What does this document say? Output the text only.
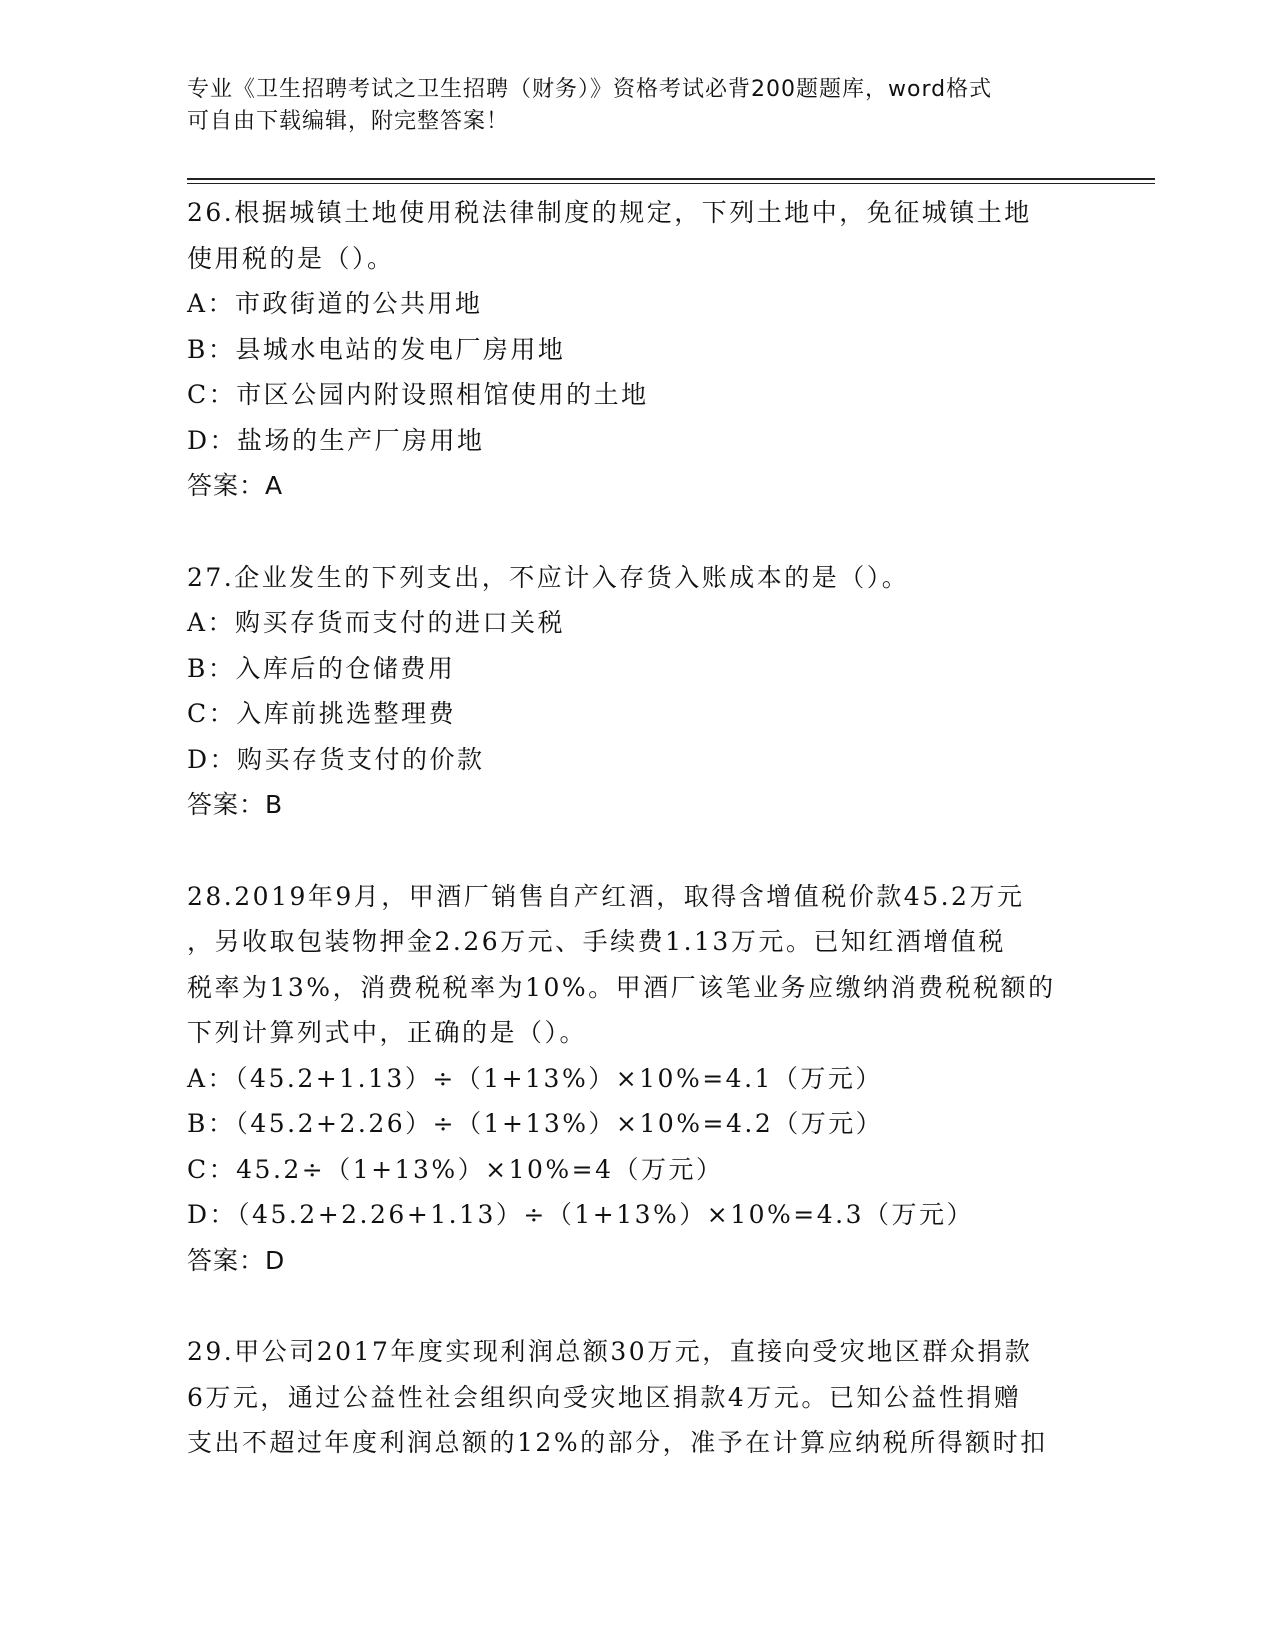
专业《卫生招聘考试之卫生招聘（财务）》资格考试必背200题题库，word格式
可自由下载编辑，附完整答案！
26.根据城镇土地使用税法律制度的规定，下列土地中，免征城镇土地
使用税的是（）。
A：市政街道的公共用地
B：县城水电站的发电厂房用地
C：市区公园内附设照相馆使用的土地
D：盐场的生产厂房用地
答案：A
27.企业发生的下列支出，不应计入存货入账成本的是（）。
A：购买存货而支付的进口关税
B：入库后的仓储费用
C：入库前挑选整理费
D：购买存货支付的价款
答案：B
28.2019年9月，甲酒厂销售自产红酒，取得含增值税价款45.2万元
，另收取包装物押金2.26万元、手续费1.13万元。已知红酒增值税
税率为13%，消费税税率为10%。甲酒厂该笔业务应缴纳消费税税额的
下列计算列式中，正确的是（）。
A：（45.2+1.13）÷（1+13%）×10%=4.1（万元）
B：（45.2+2.26）÷（1+13%）×10%=4.2（万元）
C：45.2÷（1+13%）×10%=4（万元）
D：（45.2+2.26+1.13）÷（1+13%）×10%=4.3（万元）
答案：D
29.甲公司2017年度实现利润总额30万元，直接向受灾地区群众捐款
6万元，通过公益性社会组织向受灾地区捐款4万元。已知公益性捐赠
支出不超过年度利润总额的12%的部分，准予在计算应纳税所得额时扣
